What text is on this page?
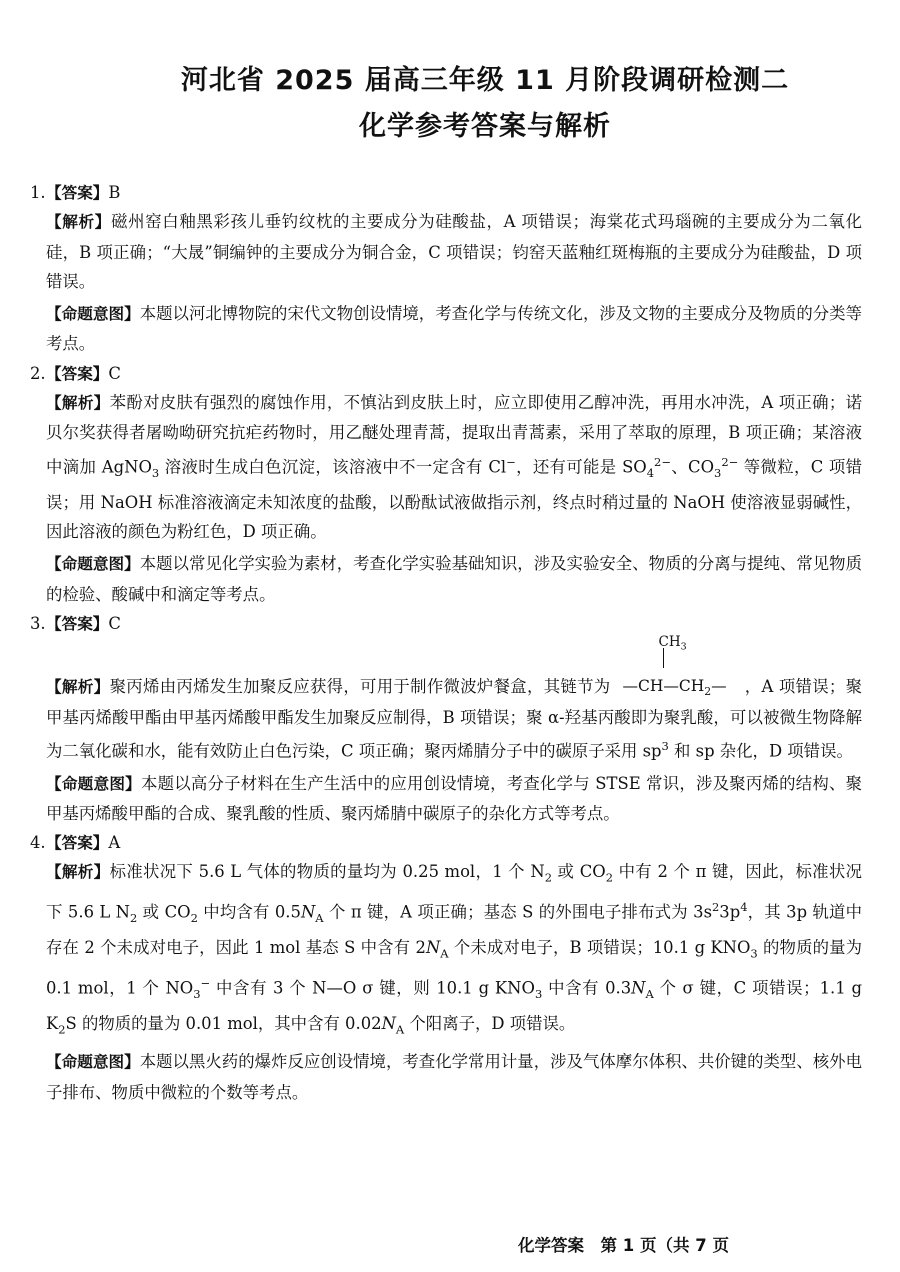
河北省 2025 届高三年级 11 月阶段调研检测二
化学参考答案与解析
1. 【答案】B
【解析】磁州窑白釉黑彩孩儿垂钓纹枕的主要成分为硅酸盐，A 项错误；海棠花式玛瑙碗的主要成分为二氧化硅，B 项正确；“大晟”铜编钟的主要成分为铜合金，C 项错误；钧窑天蓝釉红斑梅瓶的主要成分为硅酸盐，D 项错误。
【命题意图】本题以河北博物院的宋代文物创设情境，考查化学与传统文化，涉及文物的主要成分及物质的分类等考点。
2. 【答案】C
【解析】苯酚对皮肤有强烈的腐蚀作用，不慎沾到皮肤上时，应立即使用乙醇冲洗，再用水冲洗，A 项正确；诺贝尔奖获得者屠呦呦研究抗疟药物时，用乙醚处理青蒿，提取出青蒿素，采用了萃取的原理，B 项正确；某溶液中滴加 AgNO$_3$ 溶液时生成白色沉淀，该溶液中不一定含有 Cl−，还有可能是 $SO_4^{2-}$、$CO_3^{2-}$ 等微粒，C 项错误；用 NaOH 标准溶液滴定未知浓度的盐酸，以酚酞试液做指示剂，终点时稍过量的 NaOH 使溶液显弱碱性，因此溶液的颜色为粉红色，D 项正确。
【命题意图】本题以常见化学实验为素材，考查化学实验基础知识，涉及实验安全、物质的分离与提纯、常见物质的检验、酸碱中和滴定等考点。
3. 【答案】C
【解析】聚丙烯由丙烯发生加聚反应获得，可用于制作微波炉餐盒，其链节为
$CH_3$
$—CH—CH_2—$ ，A 项错误；聚甲基丙烯酸甲酯由甲基丙烯酸甲酯发生加聚反应制得，B 项错误；聚 α-羟基丙酸即为聚乳酸，可以被微生物降解为二氧化碳和水，能有效防止白色污染，C 项正确；聚丙烯腈分子中的碳原子采用 $sp^3$ 和 sp 杂化，D 项错误。
【命题意图】本题以高分子材料在生产生活中的应用创设情境，考查化学与 STSE 常识，涉及聚丙烯的结构、聚甲基丙烯酸甲酯的合成、聚乳酸的性质、聚丙烯腈中碳原子的杂化方式等考点。
4. 【答案】A
【解析】标准状况下 5.6 L 气体的物质的量均为 0.25 mol，1 个 $N_2$ 或 $CO_2$ 中有 2 个 π 键，因此，标准状况下 5.6 L $N_2$ 或 $CO_2$ 中均含有 $0.5N_A$ 个 π 键，A 项正确；基态 S 的外围电子排布式为 $3s^23p^4$，其 3p 轨道中存在 2 个未成对电子，因此 1 mol 基态 S 中含有 $2N_A$ 个未成对电子，B 项错误；10.1 g $KNO_3$ 的物质的量为 0.1 mol，1 个 $NO_3^-$ 中含有 3 个 N—O σ 键，则 10.1 g $KNO_3$ 中含有 $0.3N_A$ 个 σ 键，C 项错误；1.1 g $K_2S$ 的物质的量为 0.01 mol，其中含有 $0.02N_A$ 个阳离子，D 项错误。
【命题意图】本题以黑火药的爆炸反应创设情境，考查化学常用计量，涉及气体摩尔体积、共价键的类型、核外电子排布、物质中微粒的个数等考点。
化学答案　第 1 页（共 7 页
